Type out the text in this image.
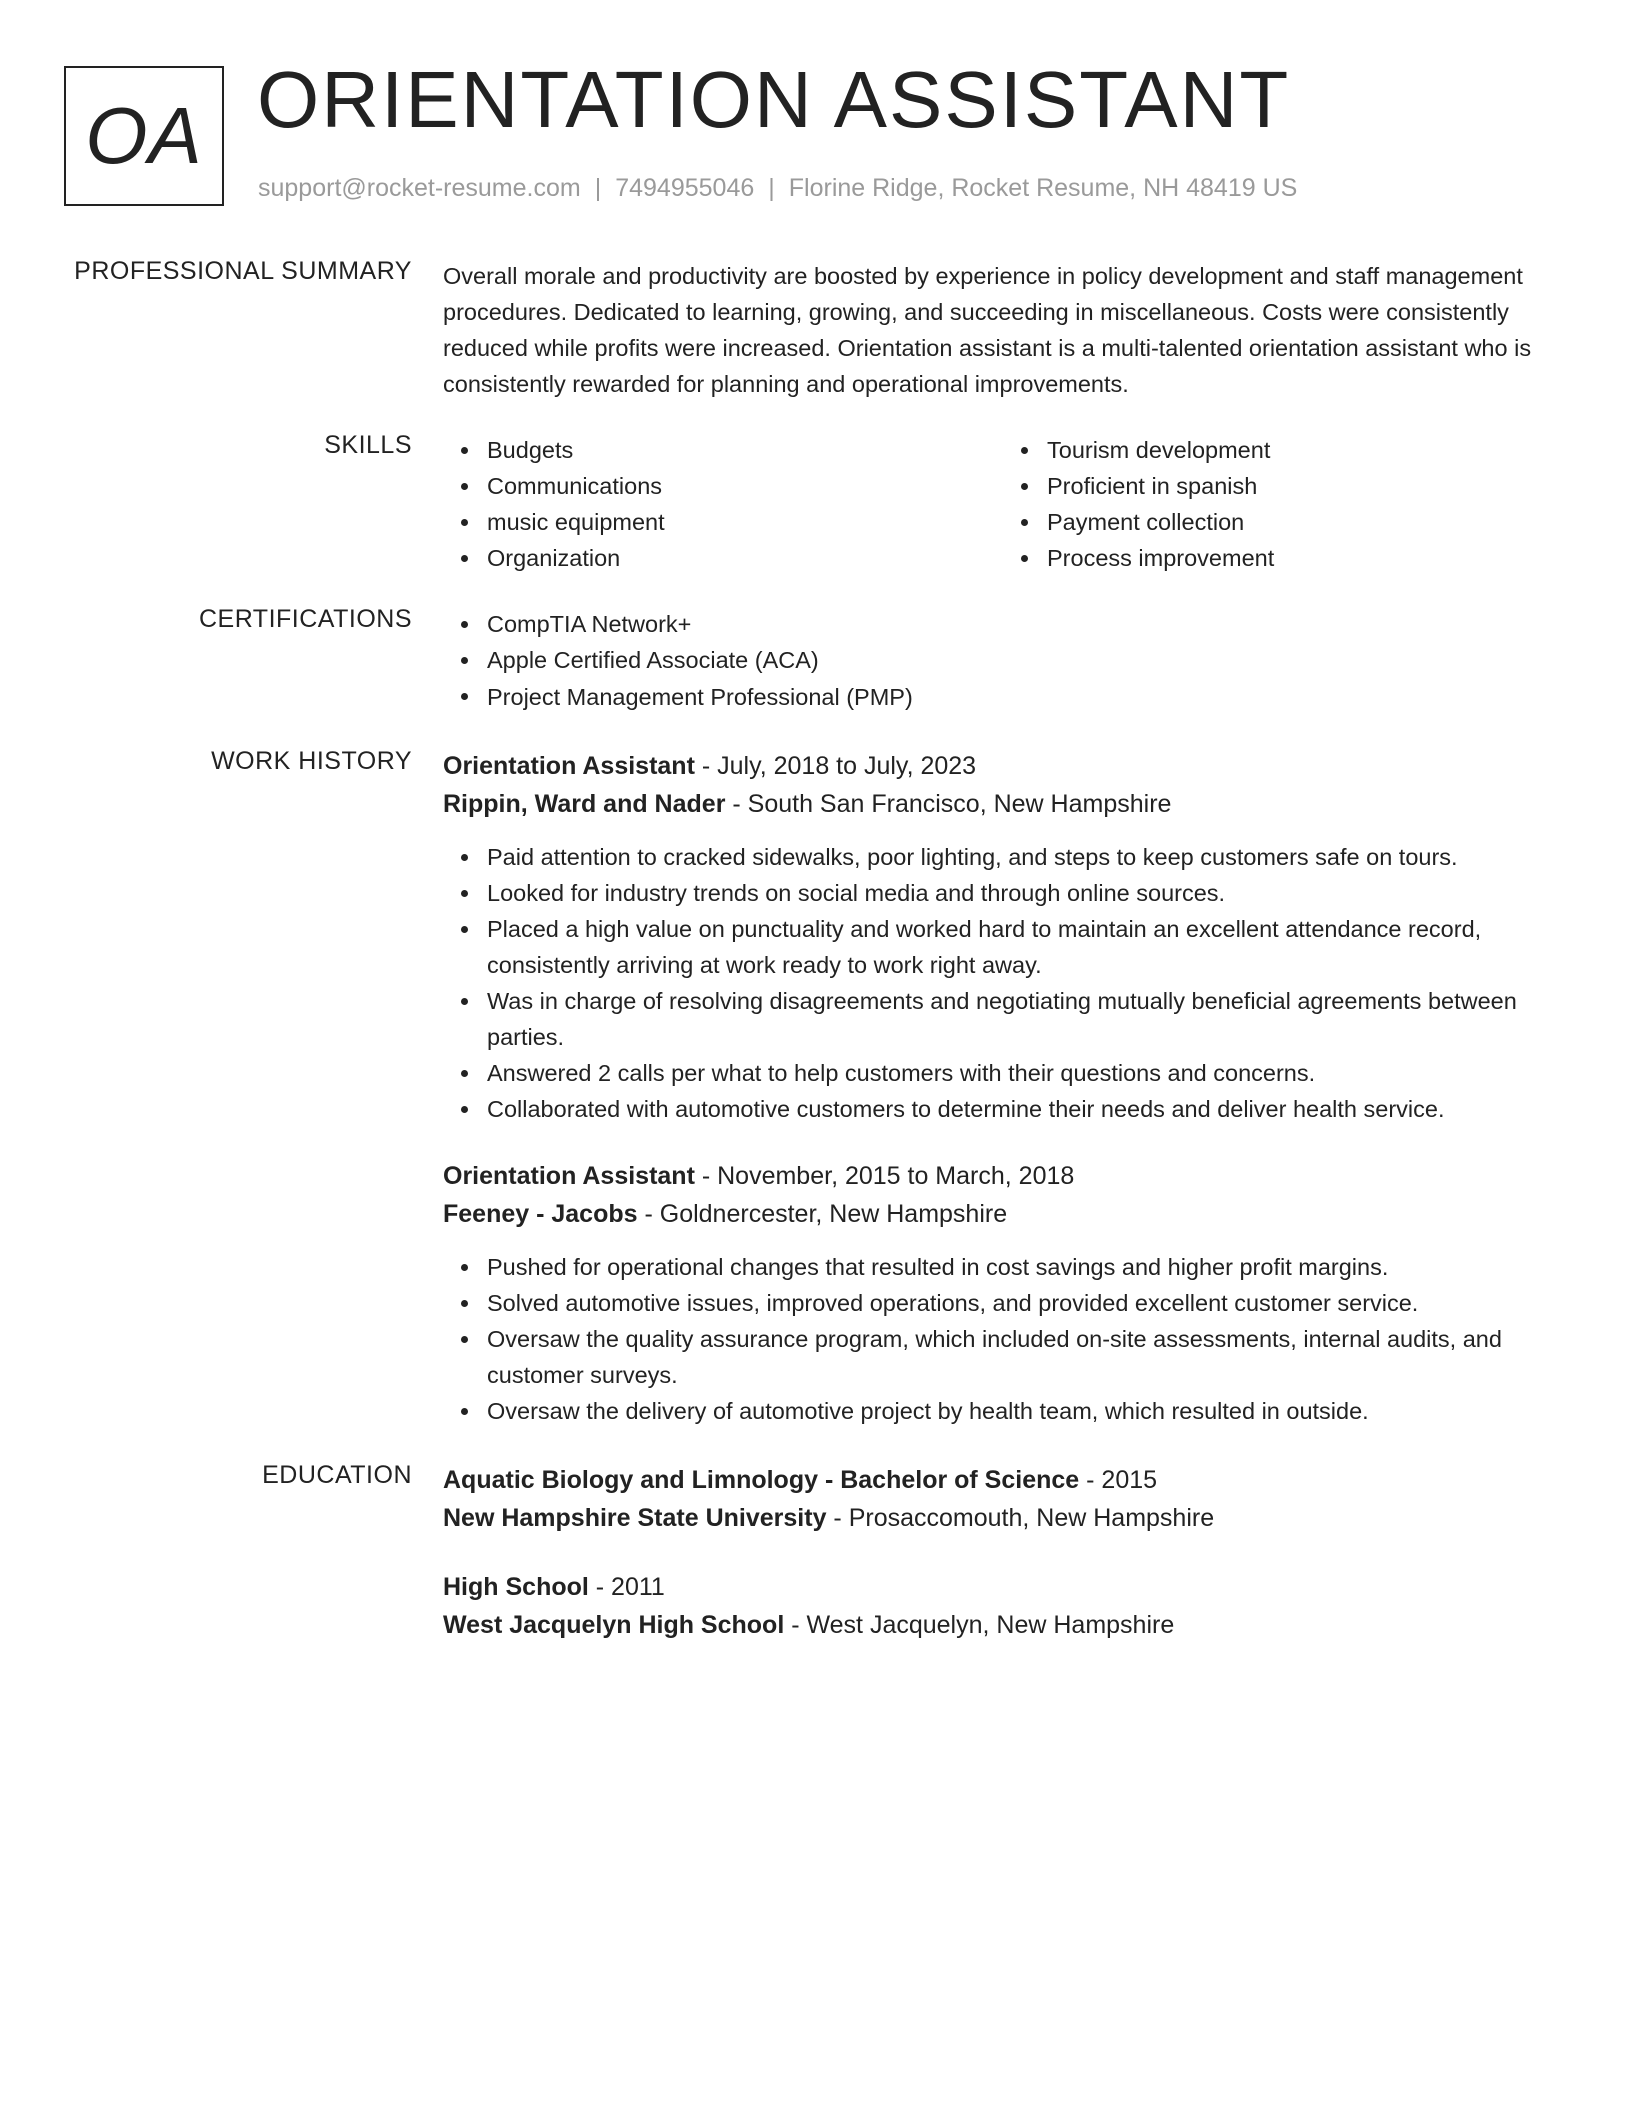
OA ORIENTATION ASSISTANT
support@rocket-resume.com | 7494955046 | Florine Ridge, Rocket Resume, NH 48419 US
PROFESSIONAL SUMMARY Overall morale and productivity are boosted by experience in policy development and staff management procedures. Dedicated to learning, growing, and succeeding in miscellaneous. Costs were consistently reduced while profits were increased. Orientation assistant is a multi-talented orientation assistant who is consistently rewarded for planning and operational improvements.

SKILLS	Budgets
Communications
music equipment
Organization
Tourism development
Proficient in spanish
Payment collection
Process improvement
CERTIFICATIONS	CompTIA Network+
Apple Certified Associate (ACA)
Project Management Professional (PMP)
WORK HISTORY Orientation Assistant - July, 2018 to July, 2023
Rippin, Ward and Nader - South San Francisco, New Hampshire
Paid attention to cracked sidewalks, poor lighting, and steps to keep customers safe on tours.
Looked for industry trends on social media and through online sources.
Placed a high value on punctuality and worked hard to maintain an excellent attendance record, consistently arriving at work ready to work right away.
Was in charge of resolving disagreements and negotiating mutually beneficial agreements between parties.
Answered 2 calls per what to help customers with their questions and concerns.
Collaborated with automotive customers to determine their needs and deliver health service.
Orientation Assistant - November, 2015 to March, 2018
Feeney - Jacobs - Goldnercester, New Hampshire
Pushed for operational changes that resulted in cost savings and higher profit margins.
Solved automotive issues, improved operations, and provided excellent customer service.
Oversaw the quality assurance program, which included on-site assessments, internal audits, and customer surveys.
Oversaw the delivery of automotive project by health team, which resulted in outside.
EDUCATION Aquatic Biology and Limnology - Bachelor of Science - 2015
New Hampshire State University - Prosaccomouth, New Hampshire
High School - 2011
West Jacquelyn High School - West Jacquelyn, New Hampshire
